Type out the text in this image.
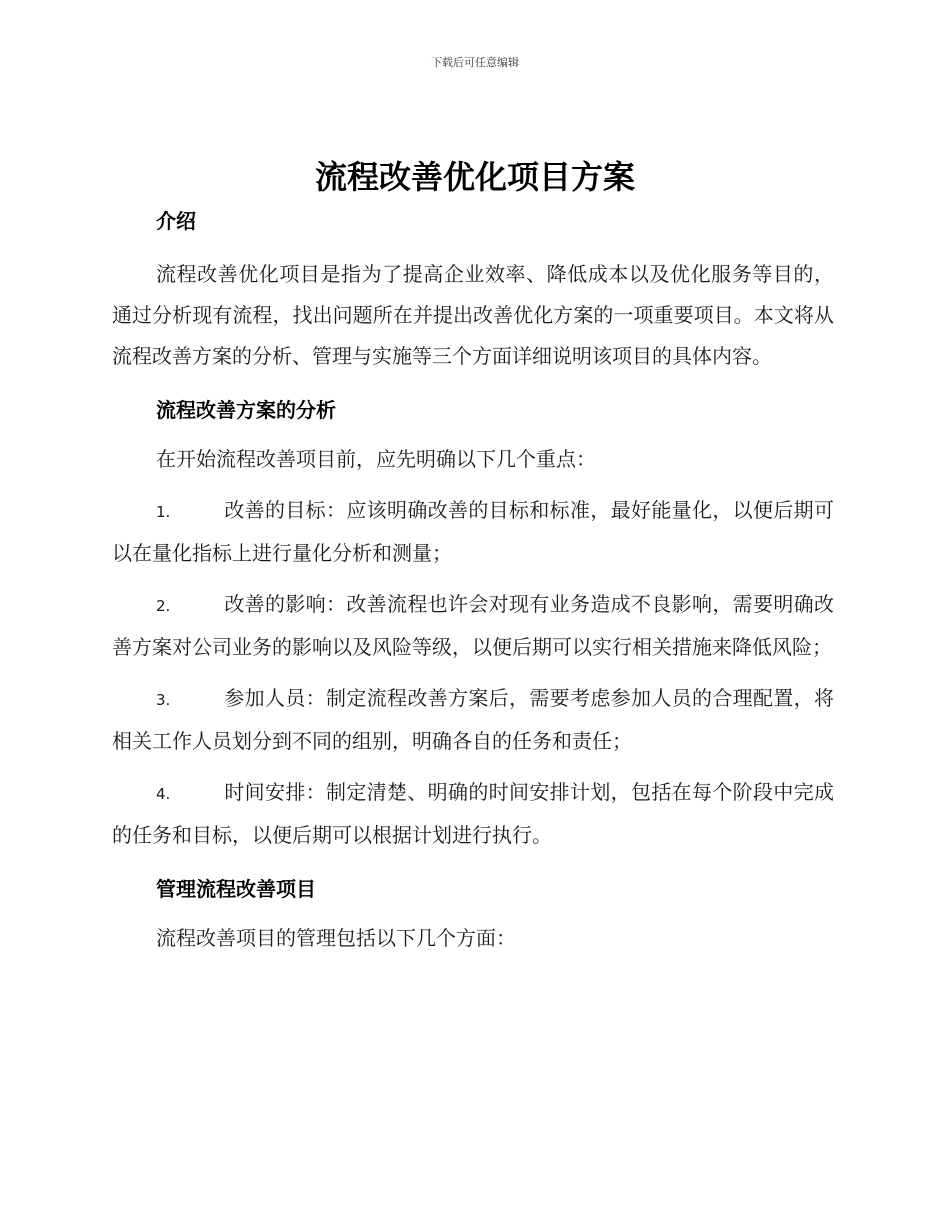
下载后可任意编辑
流程改善优化项目方案

介绍

流程改善优化项目是指为了提高企业效率、降低成本以及优化服务等目的，通过分析现有流程，找出问题所在并提出改善优化方案的一项重要项目。本文将从流程改善方案的分析、管理与实施等三个方面详细说明该项目的具体内容。

流程改善方案的分析

在开始流程改善项目前，应先明确以下几个重点：

1.	改善的目标：应该明确改善的目标和标准，最好能量化，以便后期可以在量化指标上进行量化分析和测量；

2.	改善的影响：改善流程也许会对现有业务造成不良影响，需要明确改善方案对公司业务的影响以及风险等级，以便后期可以实行相关措施来降低风险；

3.	参加人员：制定流程改善方案后，需要考虑参加人员的合理配置，将相关工作人员划分到不同的组别，明确各自的任务和责任；

4.	时间安排：制定清楚、明确的时间安排计划，包括在每个阶段中完成的任务和目标，以便后期可以根据计划进行执行。

管理流程改善项目

流程改善项目的管理包括以下几个方面：
